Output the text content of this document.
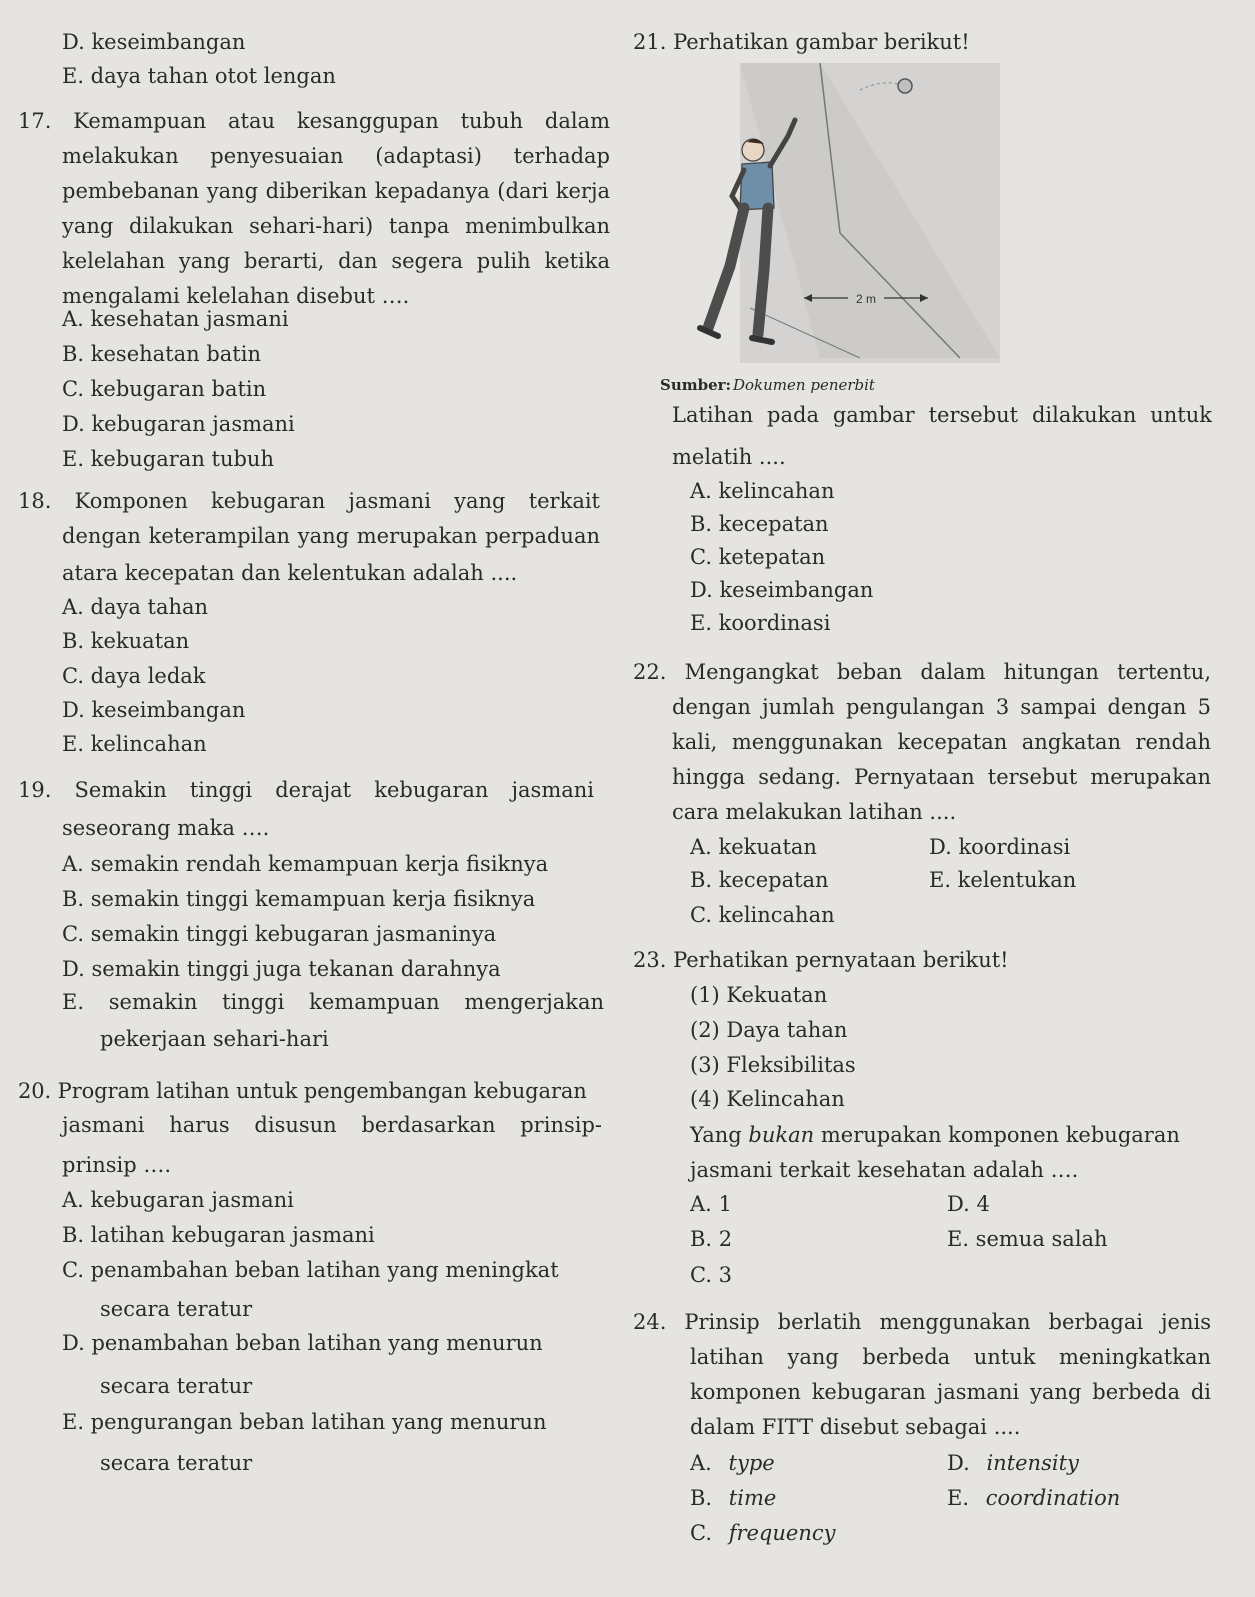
D. keseimbangan
E. daya tahan otot lengan
17. Kemampuan atau kesanggupan tubuh dalam
melakukan penyesuaian (adaptasi) terhadap
pembebanan yang diberikan kepadanya (dari kerja
yang dilakukan sehari-hari) tanpa menimbulkan
kelelahan yang berarti, dan segera pulih ketika
mengalami kelelahan disebut ….
A. kesehatan jasmani
B. kesehatan batin
C. kebugaran batin
D. kebugaran jasmani
E. kebugaran tubuh
18. Komponen kebugaran jasmani yang terkait
dengan keterampilan yang merupakan perpaduan
atara kecepatan dan kelentukan adalah ....
A. daya tahan
B. kekuatan
C. daya ledak
D. keseimbangan
E. kelincahan
19. Semakin tinggi derajat kebugaran jasmani
seseorang maka ….
A. semakin rendah kemampuan kerja fisiknya
B. semakin tinggi kemampuan kerja fisiknya
C. semakin tinggi kebugaran jasmaninya
D. semakin tinggi juga tekanan darahnya
E. semakin tinggi kemampuan mengerjakan
pekerjaan sehari-hari
20. Program latihan untuk pengembangan kebugaran
jasmani harus disusun berdasarkan prinsip-
prinsip ….
A. kebugaran jasmani
B. latihan kebugaran jasmani
C. penambahan beban latihan yang meningkat
secara teratur
D. penambahan beban latihan yang menurun
secara teratur
E. pengurangan beban latihan yang menurun
secara teratur
21. Perhatikan gambar berikut!
2 m
Sumber: Dokumen penerbit
Latihan pada gambar tersebut dilakukan untuk
melatih ....
A. kelincahan
B. kecepatan
C. ketepatan
D. keseimbangan
E. koordinasi
22. Mengangkat beban dalam hitungan tertentu,
dengan jumlah pengulangan 3 sampai dengan 5
kali, menggunakan kecepatan angkatan rendah
hingga sedang. Pernyataan tersebut merupakan
cara melakukan latihan ....
A. kekuatan
B. kecepatan
C. kelincahan
D. koordinasi
E. kelentukan
23. Perhatikan pernyataan berikut!
(1) Kekuatan
(2) Daya tahan
(3) Fleksibilitas
(4) Kelincahan
Yang bukan merupakan komponen kebugaran
jasmani terkait kesehatan adalah ….
A. 1
B. 2
C. 3
D. 4
E. semua salah
24. Prinsip berlatih menggunakan berbagai jenis
latihan yang berbeda untuk meningkatkan
komponen kebugaran jasmani yang berbeda di
dalam FITT disebut sebagai ....
A. type
B. time
C. frequency
D. intensity
E. coordination
